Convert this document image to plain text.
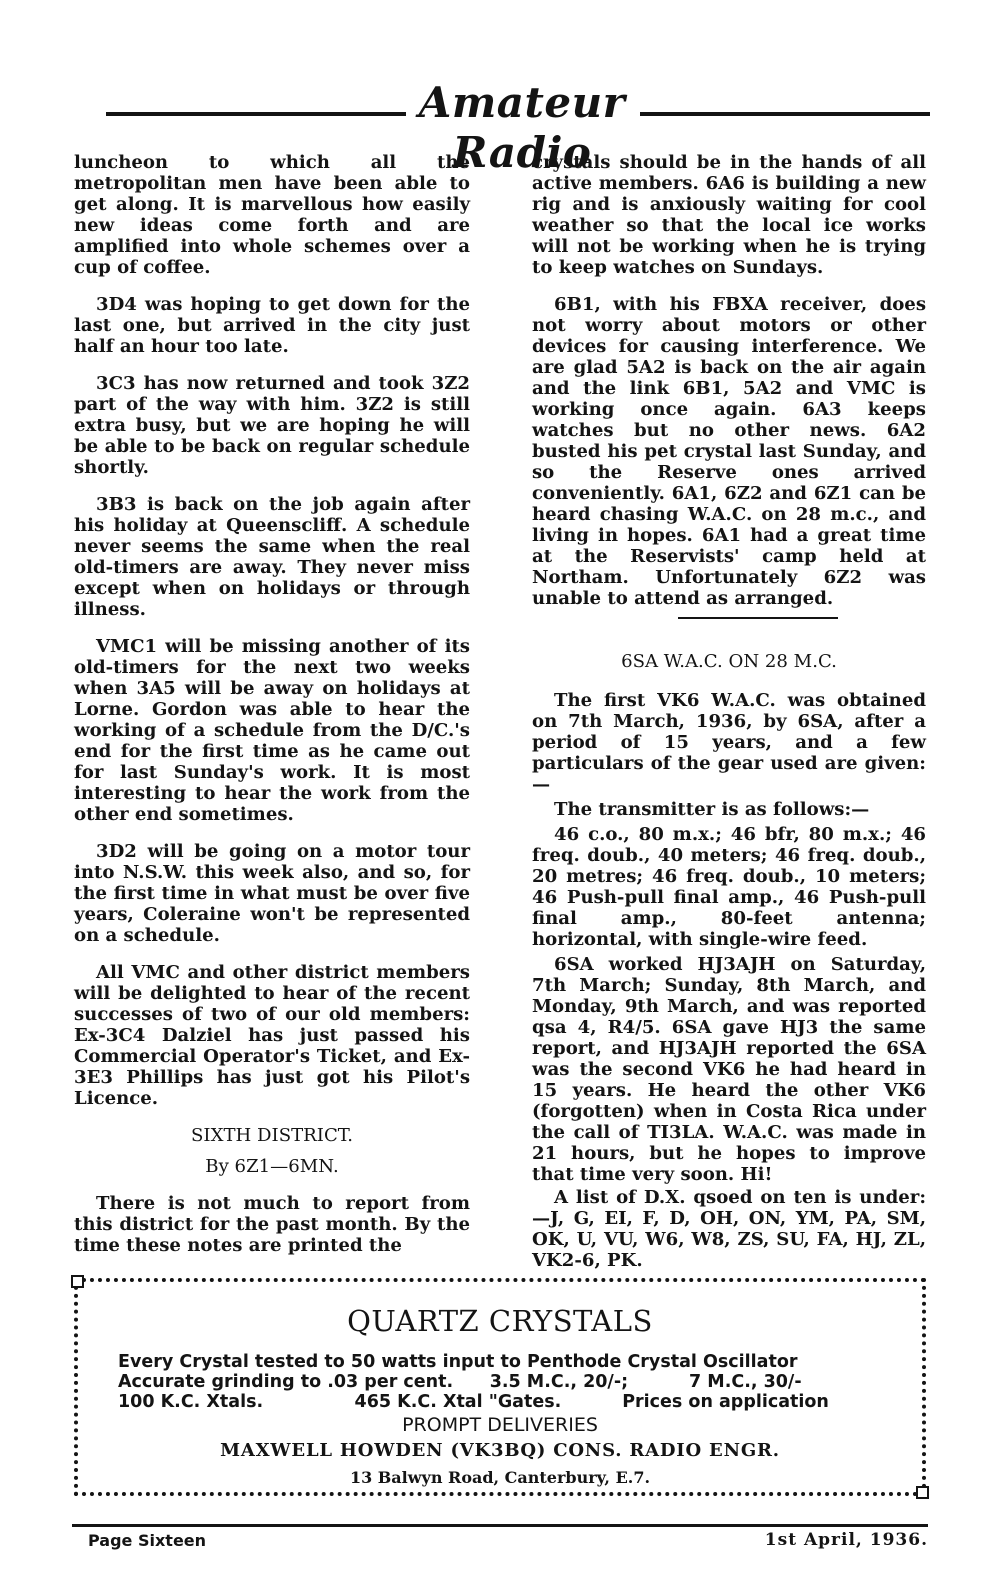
Amateur Radio

luncheon to which all the metropolitan men have been able to get along. It is marvellous how easily new ideas come forth and are amplified into whole schemes over a cup of coffee.

3D4 was hoping to get down for the last one, but arrived in the city just half an hour too late.

3C3 has now returned and took 3Z2 part of the way with him. 3Z2 is still extra busy, but we are hoping he will be able to be back on regular schedule shortly.

3B3 is back on the job again after his holiday at Queenscliff. A schedule never seems the same when the real old-timers are away. They never miss except when on holidays or through illness.

VMC1 will be missing another of its old-timers for the next two weeks when 3A5 will be away on holidays at Lorne. Gordon was able to hear the working of a schedule from the D/C.'s end for the first time as he came out for last Sunday's work. It is most interesting to hear the work from the other end sometimes.

3D2 will be going on a motor tour into N.S.W. this week also, and so, for the first time in what must be over five years, Coleraine won't be represented on a schedule.

All VMC and other district members will be delighted to hear of the recent successes of two of our old members: Ex-3C4 Dalziel has just passed his Commercial Operator's Ticket, and Ex-3E3 Phillips has just got his Pilot's Licence.

SIXTH DISTRICT.
By 6Z1—6MN.

There is not much to report from this district for the past month. By the time these notes are printed the

crystals should be in the hands of all active members. 6A6 is building a new rig and is anxiously waiting for cool weather so that the local ice works will not be working when he is trying to keep watches on Sundays.

6B1, with his FBXA receiver, does not worry about motors or other devices for causing interference. We are glad 5A2 is back on the air again and the link 6B1, 5A2 and VMC is working once again. 6A3 keeps watches but no other news. 6A2 busted his pet crystal last Sunday, and so the Reserve ones arrived conveniently. 6A1, 6Z2 and 6Z1 can be heard chasing W.A.C. on 28 m.c., and living in hopes. 6A1 had a great time at the Reservists' camp held at Northam. Unfortunately 6Z2 was unable to attend as arranged.

6SA W.A.C. ON 28 M.C.

The first VK6 W.A.C. was obtained on 7th March, 1936, by 6SA, after a period of 15 years, and a few particulars of the gear used are given:—

The transmitter is as follows:—

46 c.o., 80 m.x.; 46 bfr, 80 m.x.; 46 freq. doub., 40 meters; 46 freq. doub., 20 metres; 46 freq. doub., 10 meters; 46 Push-pull final amp., 46 Push-pull final amp., 80-feet antenna; horizontal, with single-wire feed.

6SA worked HJ3AJH on Saturday, 7th March; Sunday, 8th March, and Monday, 9th March, and was reported qsa 4, R4/5. 6SA gave HJ3 the same report, and HJ3AJH reported the 6SA was the second VK6 he had heard in 15 years. He heard the other VK6 (forgotten) when in Costa Rica under the call of TI3LA. W.A.C. was made in 21 hours, but he hopes to improve that time very soon. Hi!

A list of D.X. qsoed on ten is under:—J, G, EI, F, D, OH, ON, YM, PA, SM, OK, U, VU, W6, W8, ZS, SU, FA, HJ, ZL, VK2-6, PK.

QUARTZ CRYSTALS
Every Crystal tested to 50 watts input to Penthode Crystal Oscillator
Accurate grinding to .03 per cent.      3.5 M.C., 20/-;          7 M.C., 30/-
100 K.C. Xtals.               465 K.C. Xtal "Gates.          Prices on application
PROMPT DELIVERIES
MAXWELL HOWDEN (VK3BQ) CONS. RADIO ENGR.
13 Balwyn Road, Canterbury, E.7.
Page Sixteen	1st April, 1936.
